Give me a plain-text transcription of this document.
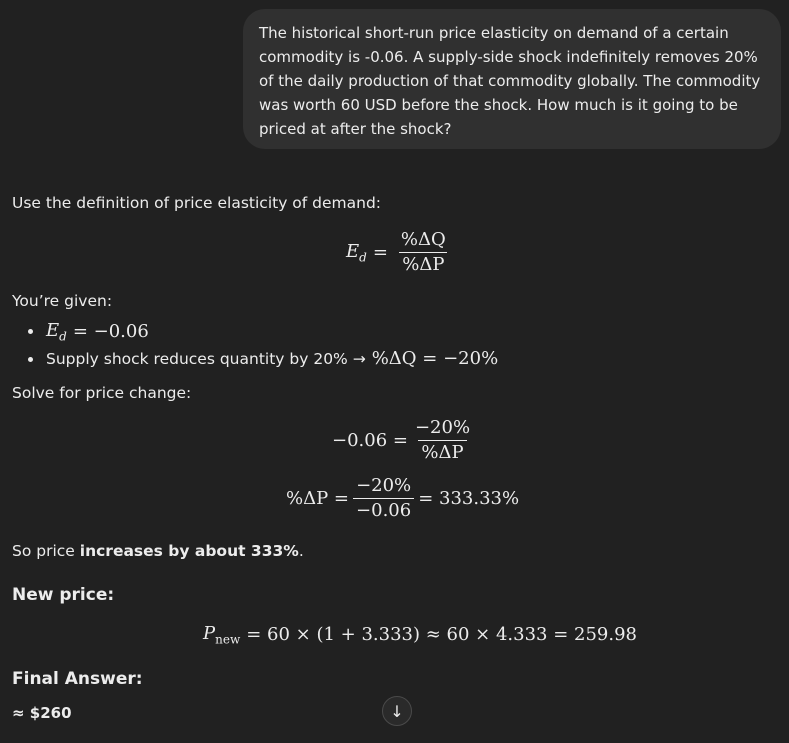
The historical short-run price elasticity on demand of a certain commodity is -0.06. A supply-side shock indefinitely removes 20% of the daily production of that commodity globally. The commodity was worth 60 USD before the shock. How much is it going to be priced at after the shock?
Use the definition of price elasticity of demand:
$E_d = \frac{\%\Delta Q}{\%\Delta P}$
You’re given:
$E_d = -0.06$
Supply shock reduces quantity by 20% → %ΔQ = −20%
Solve for price change:
$-0.06 = \frac{-20\%}{\%\Delta P}$
$\%\Delta P = \frac{-20\%}{-0.06} = 333.33\%$
So price increases by about 333%.
New price:
$P_{new} = 60 \times (1 + 3.333) \approx 60 \times 4.333 = 259.98$
Final Answer:
≈ $260	↓
